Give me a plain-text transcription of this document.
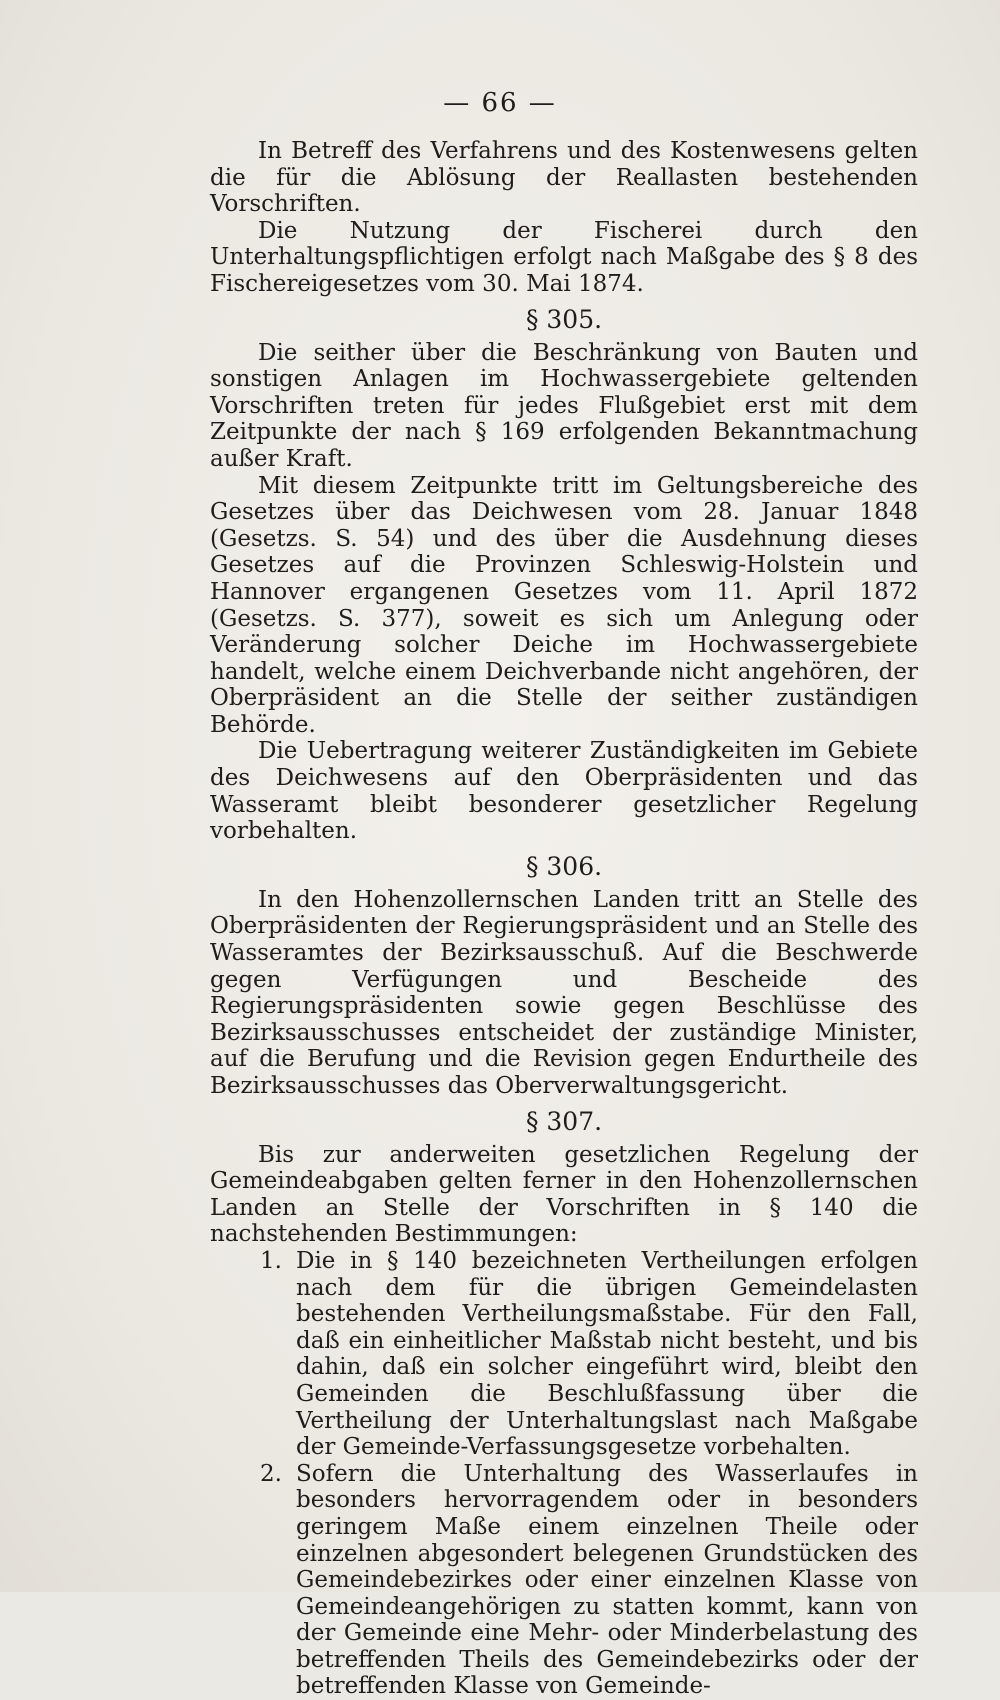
— 66 —

In Betreff des Verfahrens und des Kostenwesens gelten die für die Ablösung der Reallasten bestehenden Vorschriften.

Die Nutzung der Fischerei durch den Unterhaltungspflichtigen erfolgt nach Maßgabe des § 8 des Fischereigesetzes vom 30. Mai 1874.

§ 305.

Die seither über die Beschränkung von Bauten und sonstigen Anlagen im Hochwassergebiete geltenden Vorschriften treten für jedes Flußgebiet erst mit dem Zeitpunkte der nach § 169 erfolgenden Bekanntmachung außer Kraft.

Mit diesem Zeitpunkte tritt im Geltungsbereiche des Gesetzes über das Deichwesen vom 28. Januar 1848 (Gesetzs. S. 54) und des über die Ausdehnung dieses Gesetzes auf die Provinzen Schleswig-Holstein und Hannover ergangenen Gesetzes vom 11. April 1872 (Gesetzs. S. 377), soweit es sich um Anlegung oder Veränderung solcher Deiche im Hochwassergebiete handelt, welche einem Deichverbande nicht angehören, der Oberpräsident an die Stelle der seither zuständigen Behörde.

Die Uebertragung weiterer Zuständigkeiten im Gebiete des Deichwesens auf den Oberpräsidenten und das Wasseramt bleibt besonderer gesetzlicher Regelung vorbehalten.

§ 306.

In den Hohenzollernschen Landen tritt an Stelle des Oberpräsidenten der Regierungspräsident und an Stelle des Wasseramtes der Bezirksausschuß. Auf die Beschwerde gegen Verfügungen und Bescheide des Regierungspräsidenten sowie gegen Beschlüsse des Bezirksausschusses entscheidet der zuständige Minister, auf die Berufung und die Revision gegen Endurtheile des Bezirksausschusses das Oberverwaltungsgericht.

§ 307.

Bis zur anderweiten gesetzlichen Regelung der Gemeindeabgaben gelten ferner in den Hohenzollernschen Landen an Stelle der Vorschriften in § 140 die nachstehenden Bestimmungen:

1. Die in § 140 bezeichneten Vertheilungen erfolgen nach dem für die übrigen Gemeindelasten bestehenden Vertheilungsmaßstabe. Für den Fall, daß ein einheitlicher Maßstab nicht besteht, und bis dahin, daß ein solcher eingeführt wird, bleibt den Gemeinden die Beschlußfassung über die Vertheilung der Unterhaltungslast nach Maßgabe der Gemeinde-Verfassungsgesetze vorbehalten.
2. Sofern die Unterhaltung des Wasserlaufes in besonders hervorragendem oder in besonders geringem Maße einem einzelnen Theile oder einzelnen abgesondert belegenen Grundstücken des Gemeindebezirkes oder einer einzelnen Klasse von Gemeindeangehörigen zu statten kommt, kann von der Gemeinde eine Mehr- oder Minderbelastung des betreffenden Theils des Gemeindebezirks oder der betreffenden Klasse von Gemeinde-
